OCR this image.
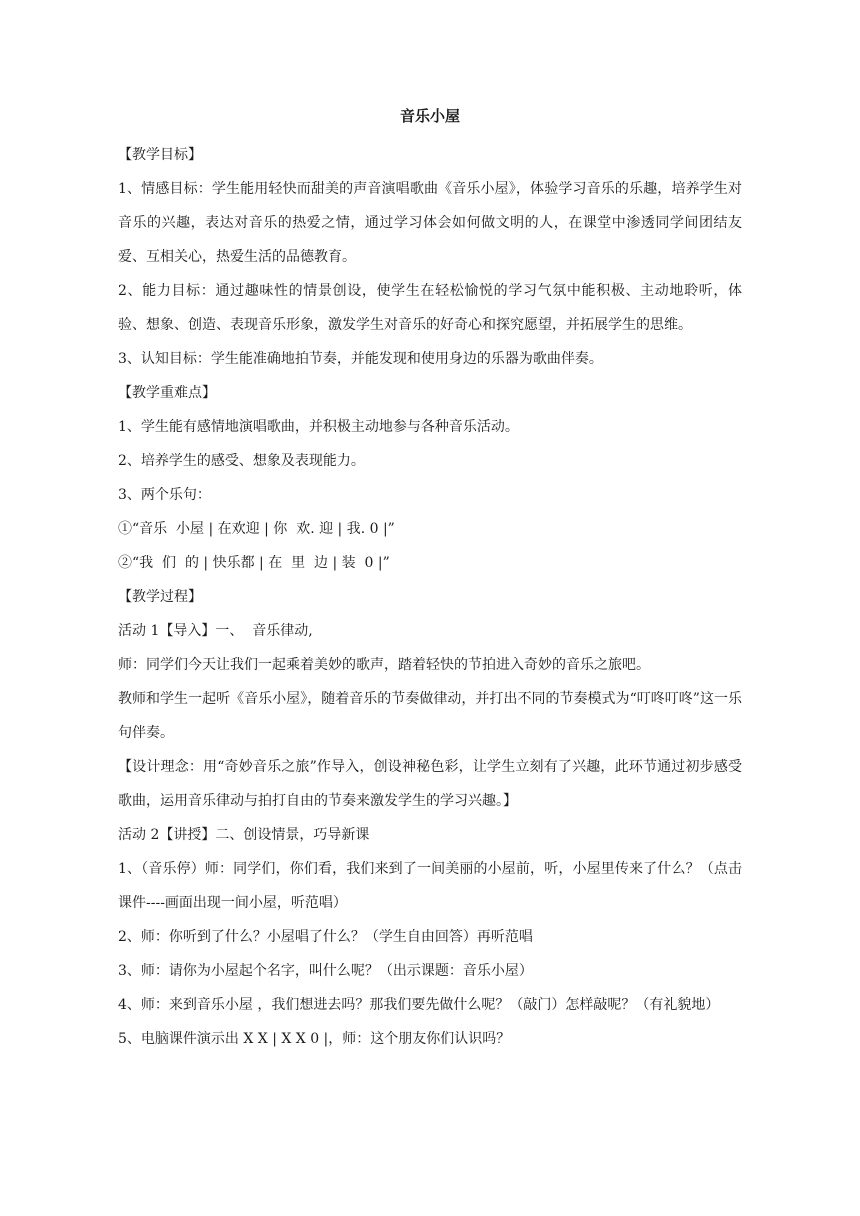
音乐小屋

【教学目标】

1、情感目标：学生能用轻快而甜美的声音演唱歌曲《音乐小屋》，体验学习音乐的乐趣，培养学生对音乐的兴趣，表达对音乐的热爱之情，通过学习体会如何做文明的人，在课堂中渗透同学间团结友爱、互相关心，热爱生活的品德教育。

2、能力目标：通过趣味性的情景创设，使学生在轻松愉悦的学习气氛中能积极、主动地聆听，体验、想象、创造、表现音乐形象，激发学生对音乐的好奇心和探究愿望，并拓展学生的思维。

3、认知目标：学生能准确地拍节奏，并能发现和使用身边的乐器为歌曲伴奏。

【教学重难点】

1、学生能有感情地演唱歌曲，并积极主动地参与各种音乐活动。

2、培养学生的感受、想象及表现能力。

3、两个乐句：

①“音乐  小屋 | 在欢迎 | 你  欢. 迎 | 我. 0 |”

②“我  们  的 | 快乐都 | 在  里  边 | 装  0 |”

【教学过程】

活动 1【导入】一、  音乐律动,

师：同学们今天让我们一起乘着美妙的歌声，踏着轻快的节拍进入奇妙的音乐之旅吧。

教师和学生一起听《音乐小屋》，随着音乐的节奏做律动，并打出不同的节奏模式为“叮咚叮咚”这一乐句伴奏。

【设计理念：用“奇妙音乐之旅”作导入，创设神秘色彩，让学生立刻有了兴趣，此环节通过初步感受歌曲，运用音乐律动与拍打自由的节奏来激发学生的学习兴趣。】

活动 2【讲授】二、创设情景，巧导新课

1、（音乐停）师：同学们，你们看，我们来到了一间美丽的小屋前，听，小屋里传来了什么？（点击课件----画面出现一间小屋，听范唱）

2、师：你听到了什么？小屋唱了什么？（学生自由回答）再听范唱

3、师：请你为小屋起个名字，叫什么呢？（出示课题：音乐小屋）

4、师：来到音乐小屋 ，我们想进去吗？那我们要先做什么呢？（敲门）怎样敲呢？（有礼貌地）

5、电脑课件演示出 X X | X X 0 |，师：这个朋友你们认识吗？
